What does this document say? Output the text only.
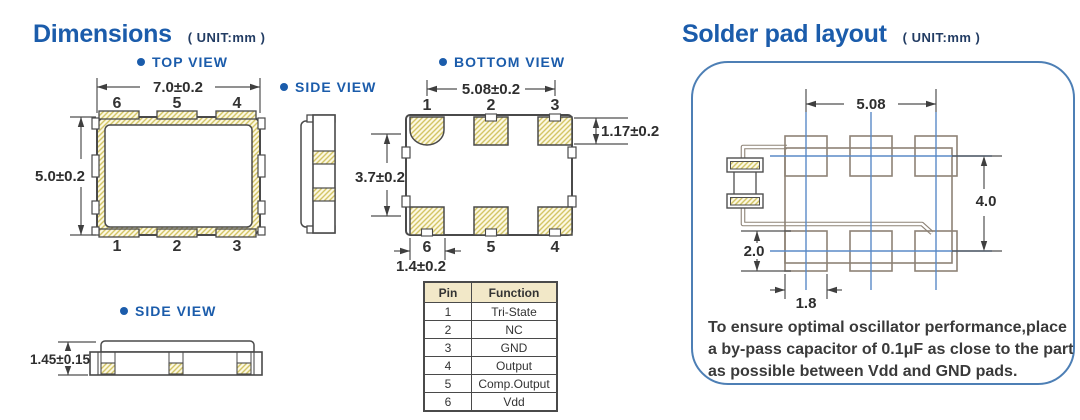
7.0±0.2
5.0±0.2
6	5	4
1	2	3
5.08±0.2
1	2	3
1.17±0.2
3.7±0.2
6	5	4
1.4±0.2
1.45±0.15
5.08
4.0
2.0
1.8
Dimensions ( UNIT:mm )	Solder pad layout ( UNIT:mm )
TOP VIEW
SIDE VIEW
BOTTOM VIEW
SIDE VIEW
Pin	Function
1	Tri-State
2	NC
3	GND
4	Output
5	Comp.Output
6	Vdd
To ensure optimal oscillator performance,place
a by-pass capacitor of 0.1μF as close to the part
as possible between Vdd and GND pads.
